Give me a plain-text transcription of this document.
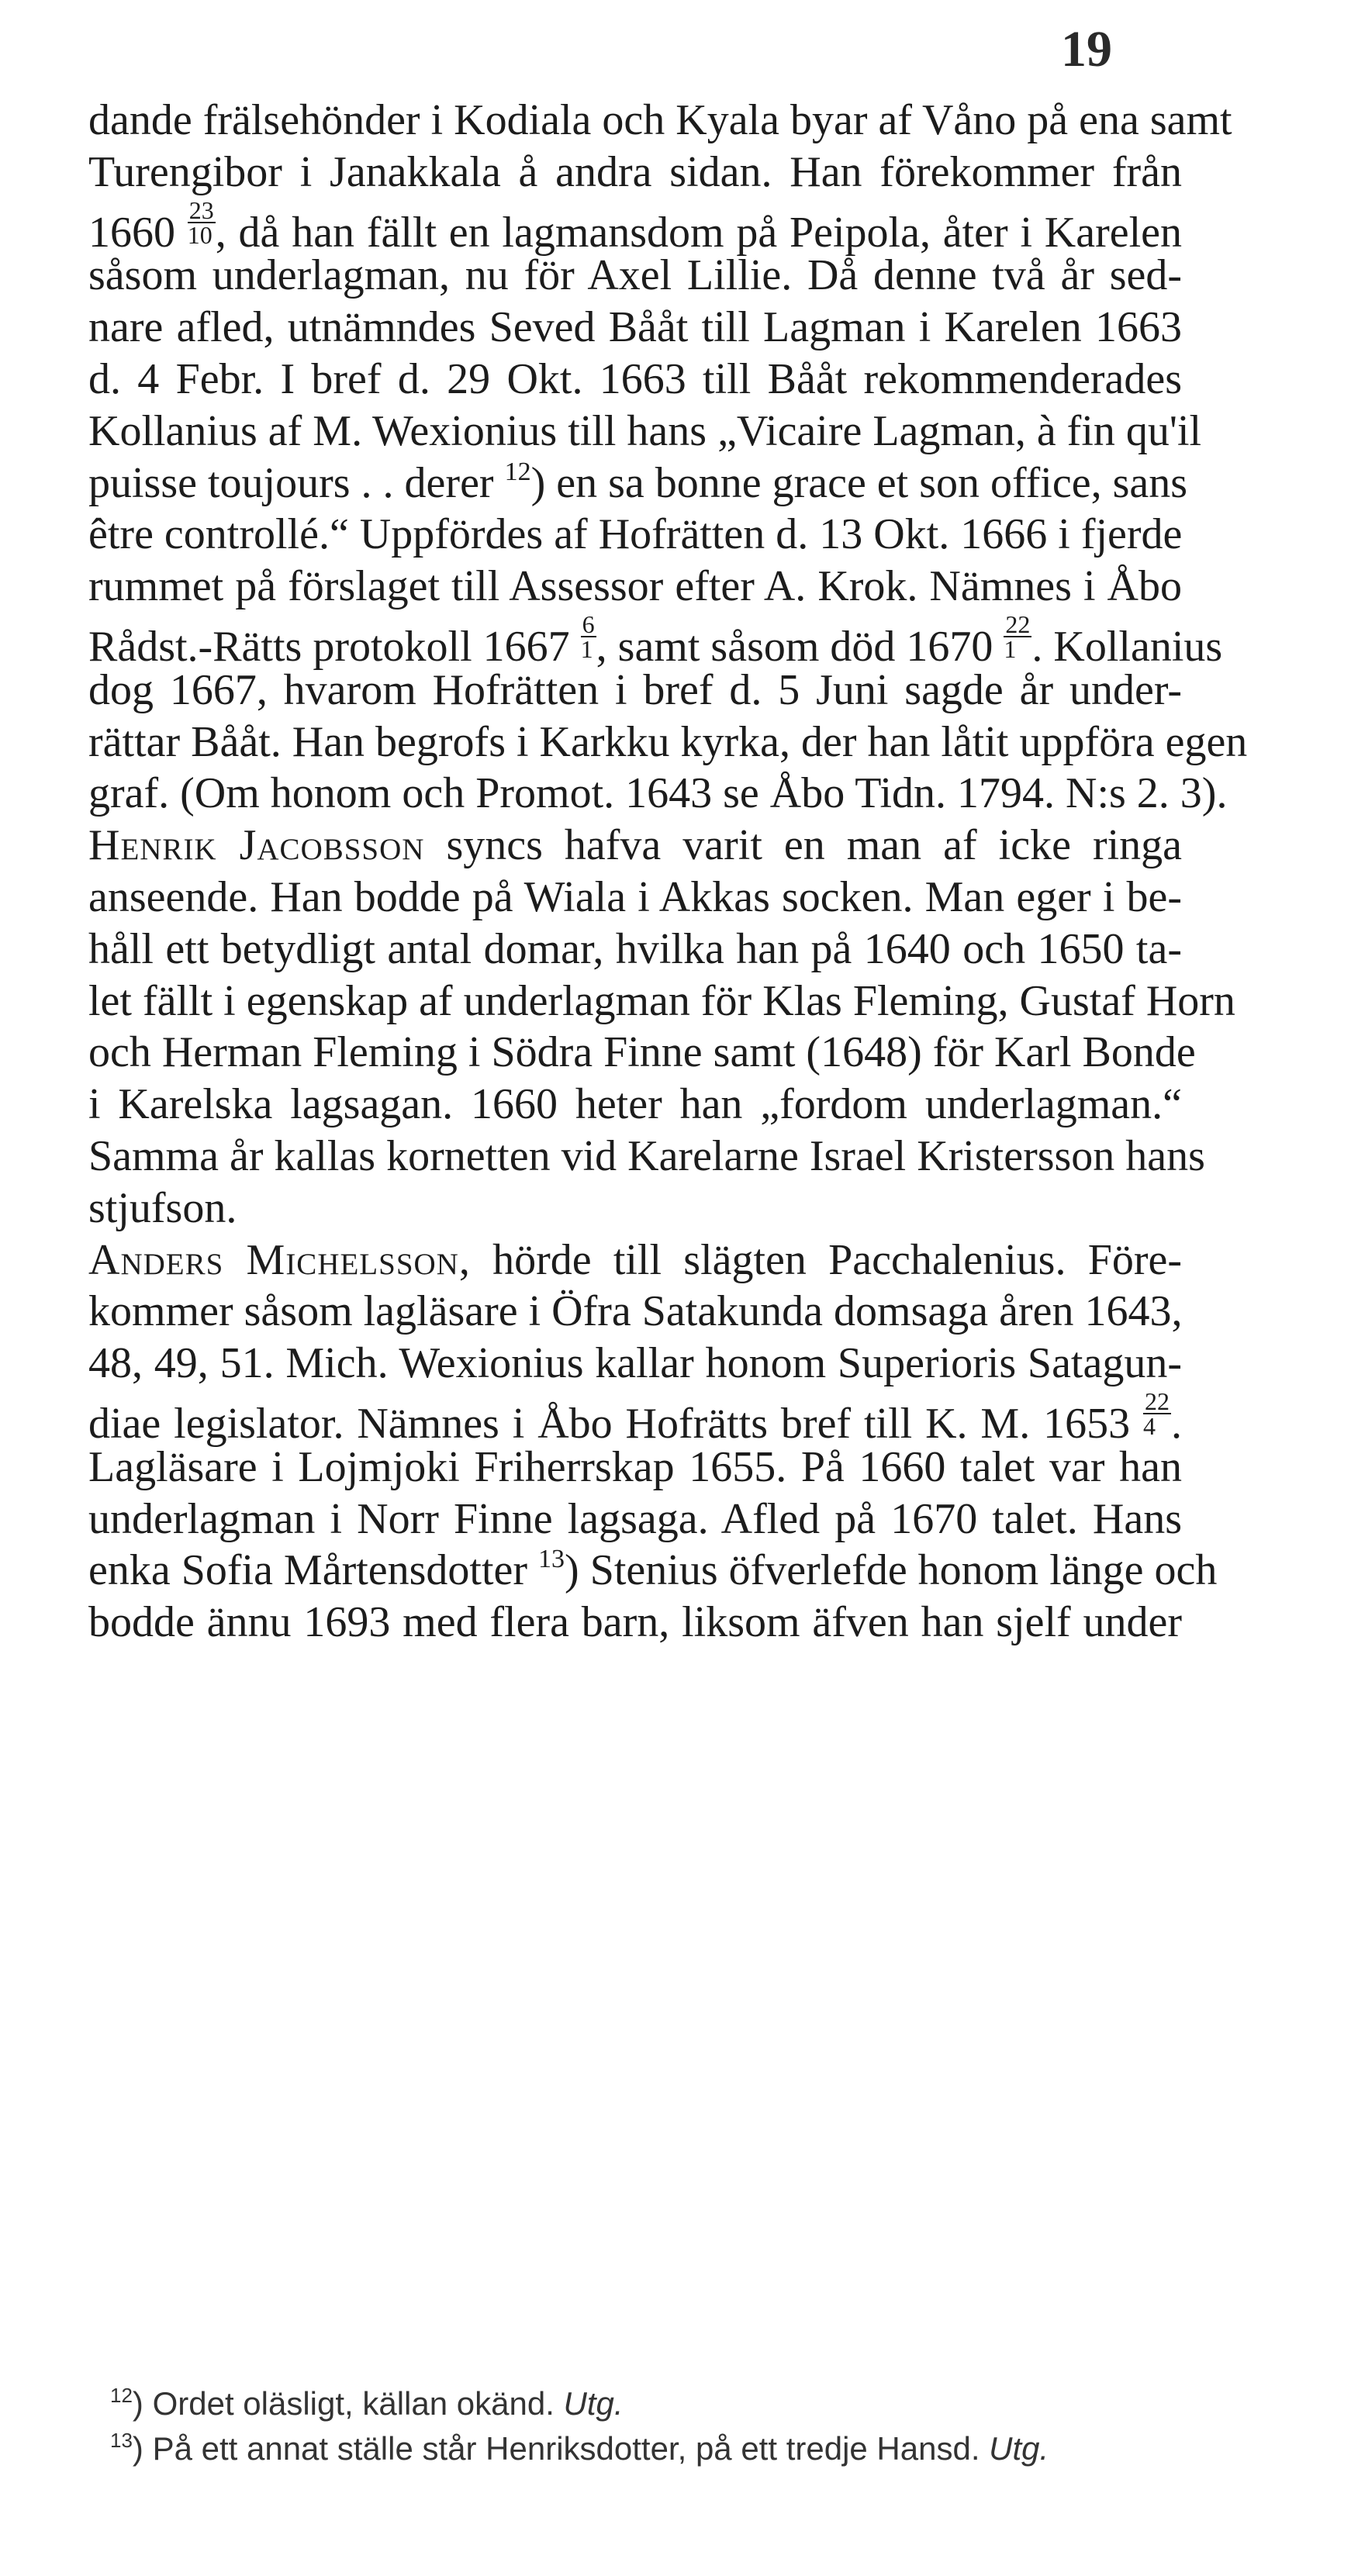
19
dande frälsehönder i Kodiala och Kyala byar af Våno på ena samt
Turengibor i Janakkala å andra sidan. Han förekommer från
$1660 \frac{23}{10}$ , då han fällt en lagmansdom på Peipola, åter i Karelen
såsom underlagman, nu för Axel Lillie. Då denne två år sed-
nare afled, utnämndes Seved Bååt till Lagman i Karelen 1663
d. 4 Febr. I bref d. 29 Okt. 1663 till Bååt rekommenderades
Kollanius af M. Wexionius till hans „Vicaire Lagman, à fin qu'il
puisse toujours . . derer $^{12}$) en sa bonne grace et son office, sans
être controllé.“ Uppfördes af Hofrätten d. 13 Okt. 1666 i fjerde
rummet på förslaget till Assessor efter A. Krok. Nämnes i Åbo
Rådst.-Rätts protokoll $1667 \frac{6}{1}$ , samt såsom död $1670 \frac{22}{1}$ . Kollanius
dog 1667, hvarom Hofrätten i bref d. 5 Juni sagde år under-
rättar Bååt. Han begrofs i Karkku kyrka, der han låtit uppföra egen
graf. (Om honom och Promot. 1643 se Åbo Tidn. 1794. N:s 2. 3).
Henrik Jacobsson syncs hafva varit en man af icke ringa
anseende. Han bodde på Wiala i Akkas socken. Man eger i be-
håll ett betydligt antal domar, hvilka han på 1640 och 1650 ta-
let fällt i egenskap af underlagman för Klas Fleming, Gustaf Horn
och Herman Fleming i Södra Finne samt (1648) för Karl Bonde
i Karelska lagsagan. 1660 heter han „fordom underlagman.“
Samma år kallas kornetten vid Karelarne Israel Kristersson hans
stjufson.
Anders Michelsson, hörde till slägten Pacchalenius. Före-
kommer såsom lagläsare i Öfra Satakunda domsaga åren 1643,
48, 49, 51. Mich. Wexionius kallar honom Superioris Satagun-
diae legislator. Nämnes i Åbo Hofrätts bref till K. M. $1653 \frac{22}{4}$ .
Lagläsare i Lojmjoki Friherrskap 1655. På 1660 talet var han
underlagman i Norr Finne lagsaga. Afled på 1670 talet. Hans
enka Sofia Mårtensdotter $^{13}$) Stenius öfverlefde honom länge och
bodde ännu 1693 med flera barn, liksom äfven han sjelf under
$^{12}$) Ordet oläsligt, källan okänd. Utg.
$^{13}$) På ett annat ställe står Henriksdotter, på ett tredje Hansd. Utg.
